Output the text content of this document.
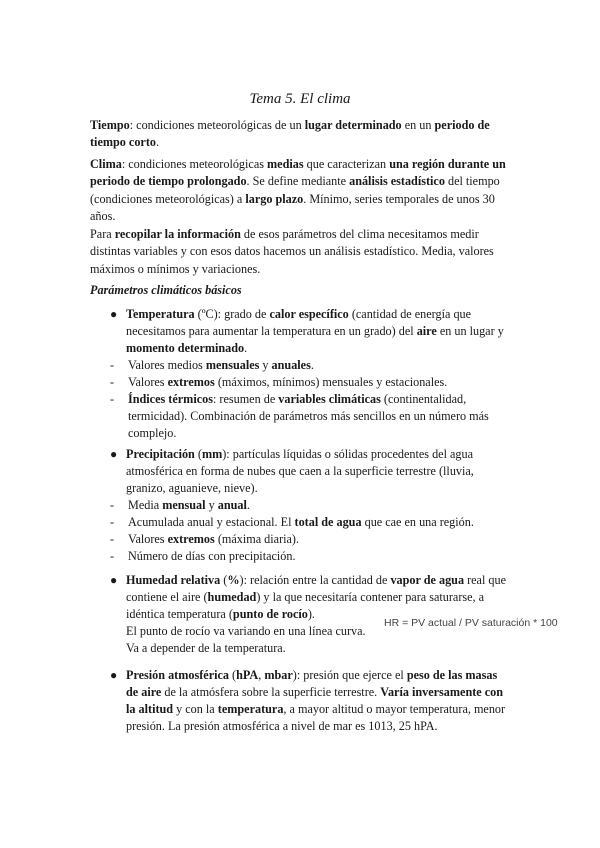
Tema 5. El clima
Tiempo: condiciones meteorológicas de un lugar determinado en un periodo de tiempo corto.
Clima: condiciones meteorológicas medias que caracterizan una región durante un periodo de tiempo prolongado. Se define mediante análisis estadístico del tiempo (condiciones meteorológicas) a largo plazo. Mínimo, series temporales de unos 30 años.
Para recopilar la información de esos parámetros del clima necesitamos medir distintas variables y con esos datos hacemos un análisis estadístico. Media, valores máximos o mínimos y variaciones.
Parámetros climáticos básicos
● Temperatura (ºC): grado de calor específico (cantidad de energía que necesitamos para aumentar la temperatura en un grado) del aire en un lugar y momento determinado.
- Valores medios mensuales y anuales.
- Valores extremos (máximos, mínimos) mensuales y estacionales.
- Índices térmicos: resumen de variables climáticas (continentalidad, termicidad). Combinación de parámetros más sencillos en un número más complejo.
● Precipitación (mm): partículas líquidas o sólidas procedentes del agua atmosférica en forma de nubes que caen a la superficie terrestre (lluvia, granizo, aguanieve, nieve).
- Media mensual y anual.
- Acumulada anual y estacional. El total de agua que cae en una región.
- Valores extremos (máxima diaria).
- Número de días con precipitación.
● Humedad relativa (%): relación entre la cantidad de vapor de agua real que contiene el aire (humedad) y la que necesitaría contener para saturarse, a idéntica temperatura (punto de rocío).
El punto de rocío va variando en una línea curva.
Va a depender de la temperatura.
HR = PV actual / PV saturación * 100
● Presión atmosférica (hPA, mbar): presión que ejerce el peso de las masas de aire de la atmósfera sobre la superficie terrestre. Varía inversamente con la altitud y con la temperatura, a mayor altitud o mayor temperatura, menor presión. La presión atmosférica a nivel de mar es 1013, 25 hPA.
